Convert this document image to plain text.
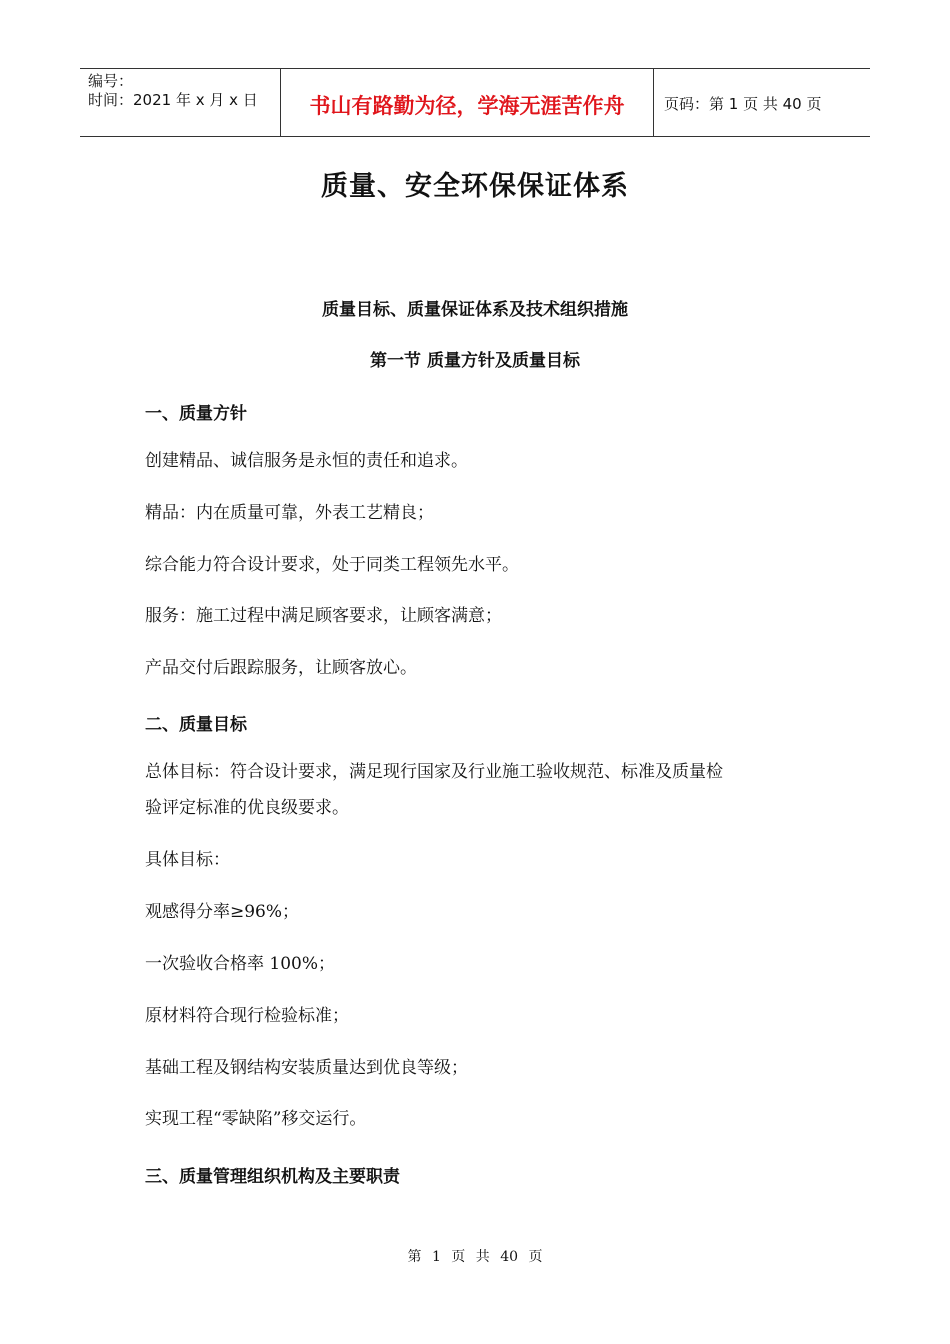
编号：
时间：2021 年 x 月 x 日	书山有路勤为径，学海无涯苦作舟	页码：第 1 页 共 40 页
质量、安全环保保证体系
质量目标、质量保证体系及技术组织措施
第一节 质量方针及质量目标
一、质量方针
创建精品、诚信服务是永恒的责任和追求。
精品：内在质量可靠，外表工艺精良；
综合能力符合设计要求，处于同类工程领先水平。
服务：施工过程中满足顾客要求，让顾客满意；
产品交付后跟踪服务，让顾客放心。
二、质量目标
总体目标：符合设计要求，满足现行国家及行业施工验收规范、标准及质量检
验评定标准的优良级要求。
具体目标：
观感得分率≥96%；
一次验收合格率 100%；
原材料符合现行检验标准；
基础工程及钢结构安装质量达到优良等级；
实现工程“零缺陷”移交运行。
三、质量管理组织机构及主要职责
第 1 页 共 40 页
